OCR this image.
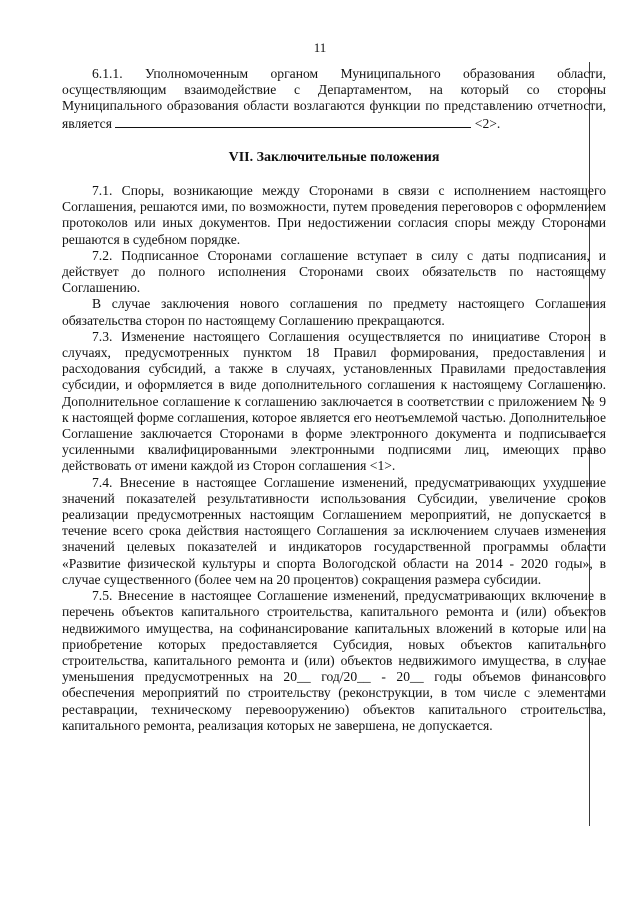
11

6.1.1. Уполномоченным органом Муниципального образования области, осуществляющим взаимодействие с Департаментом, на который со стороны Муниципального образования области возлагаются функции по представлению отчетности, является	<2>.

VII. Заключительные положения

7.1. Споры, возникающие между Сторонами в связи с исполнением настоящего Соглашения, решаются ими, по возможности, путем проведения переговоров с оформлением протоколов или иных документов. При недостижении согласия споры между Сторонами решаются в судебном порядке.

7.2. Подписанное Сторонами соглашение вступает в силу с даты подписания, и действует до полного исполнения Сторонами своих обязательств по настоящему Соглашению.

В случае заключения нового соглашения по предмету настоящего Соглашения обязательства сторон по настоящему Соглашению прекращаются.

7.3. Изменение настоящего Соглашения осуществляется по инициативе Сторон в случаях, предусмотренных пунктом 18 Правил формирования, предоставления и расходования субсидий, а также в случаях, установленных Правилами предоставления субсидии, и оформляется в виде дополнительного соглашения к настоящему Соглашению. Дополнительное соглашение к соглашению заключается в соответствии с приложением № 9 к настоящей форме соглашения, которое является его неотъемлемой частью. Дополнительное Соглашение заключается Сторонами в форме электронного документа и подписывается усиленными квалифицированными электронными подписями лиц, имеющих право действовать от имени каждой из Сторон соглашения <1>.

7.4. Внесение в настоящее Соглашение изменений, предусматривающих ухудшение значений показателей результативности использования Субсидии, увеличение сроков реализации предусмотренных настоящим Соглашением мероприятий, не допускается в течение всего срока действия настоящего Соглашения за исключением случаев изменения значений целевых показателей и индикаторов государственной программы области «Развитие физической культуры и спорта Вологодской области на 2014 - 2020 годы», в случае существенного (более чем на 20 процентов) сокращения размера субсидии.

7.5. Внесение в настоящее Соглашение изменений, предусматривающих включение в перечень объектов капитального строительства, капитального ремонта и (или) объектов недвижимого имущества, на софинансирование капитальных вложений в которые или на приобретение которых предоставляется Субсидия, новых объектов капитального строительства, капитального ремонта и (или) объектов недвижимого имущества, в случае уменьшения предусмотренных на 20__ год/20__ - 20__ годы объемов финансового обеспечения мероприятий по строительству (реконструкции, в том числе с элементами реставрации, техническому перевооружению) объектов капитального строительства, капитального ремонта, реализация которых не завершена, не допускается.
